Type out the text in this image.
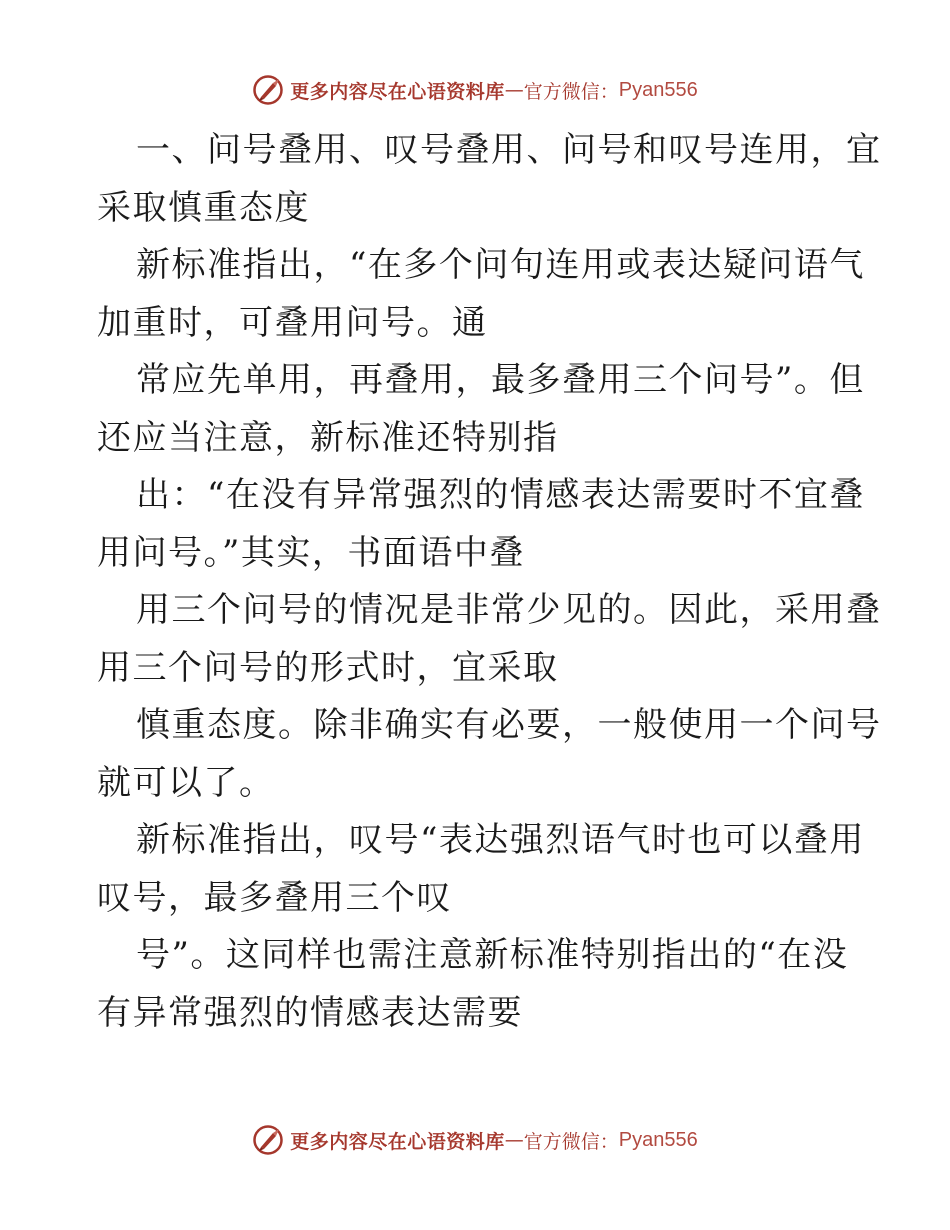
更多内容尽在心语资料库 — 官方微信： Pyan556
一、问号叠用、叹号叠用、问号和叹号连用，宜
采取慎重态度
新标准指出，“在多个问句连用或表达疑问语气
加重时，可叠用问号。通
常应先单用，再叠用，最多叠用三个问号”。但
还应当注意，新标准还特别指
出：“在没有异常强烈的情感表达需要时不宜叠
用问号。”其实，书面语中叠
用三个问号的情况是非常少见的。因此，采用叠
用三个问号的形式时，宜采取
慎重态度。除非确实有必要，一般使用一个问号
就可以了。
新标准指出，叹号“表达强烈语气时也可以叠用
叹号，最多叠用三个叹
号”。这同样也需注意新标准特别指出的“在没
有异常强烈的情感表达需要
更多内容尽在心语资料库 — 官方微信： Pyan556
